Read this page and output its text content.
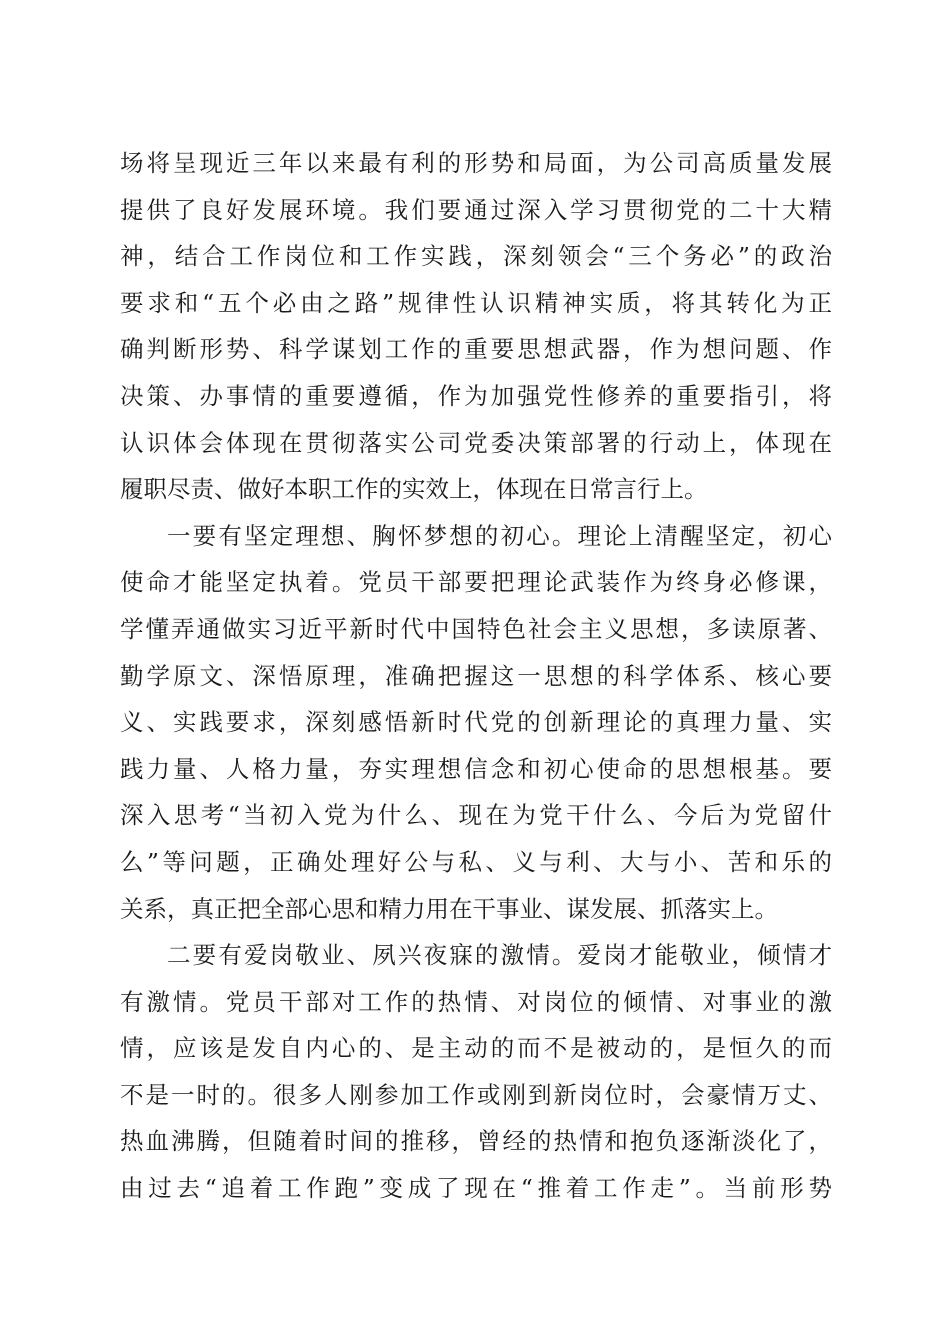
场将呈现近三年以来最有利的形势和局面，为公司高质量发展
提供了良好发展环境。我们要通过深入学习贯彻党的二十大精
神，结合工作岗位和工作实践，深刻领会“三个务必”的政治
要求和“五个必由之路”规律性认识精神实质，将其转化为正
确判断形势、科学谋划工作的重要思想武器，作为想问题、作
决策、办事情的重要遵循，作为加强党性修养的重要指引，将
认识体会体现在贯彻落实公司党委决策部署的行动上，体现在
履职尽责、做好本职工作的实效上，体现在日常言行上。
一要有坚定理想、胸怀梦想的初心。理论上清醒坚定，初心
使命才能坚定执着。党员干部要把理论武装作为终身必修课，
学懂弄通做实习近平新时代中国特色社会主义思想，多读原著、
勤学原文、深悟原理，准确把握这一思想的科学体系、核心要
义、实践要求，深刻感悟新时代党的创新理论的真理力量、实
践力量、人格力量，夯实理想信念和初心使命的思想根基。要
深入思考“当初入党为什么、现在为党干什么、今后为党留什
么”等问题，正确处理好公与私、义与利、大与小、苦和乐的
关系，真正把全部心思和精力用在干事业、谋发展、抓落实上。
二要有爱岗敬业、夙兴夜寐的激情。爱岗才能敬业，倾情才
有激情。党员干部对工作的热情、对岗位的倾情、对事业的激
情，应该是发自内心的、是主动的而不是被动的，是恒久的而
不是一时的。很多人刚参加工作或刚到新岗位时，会豪情万丈、
热血沸腾，但随着时间的推移，曾经的热情和抱负逐渐淡化了，
由过去“追着工作跑”变成了现在“推着工作走”。当前形势
